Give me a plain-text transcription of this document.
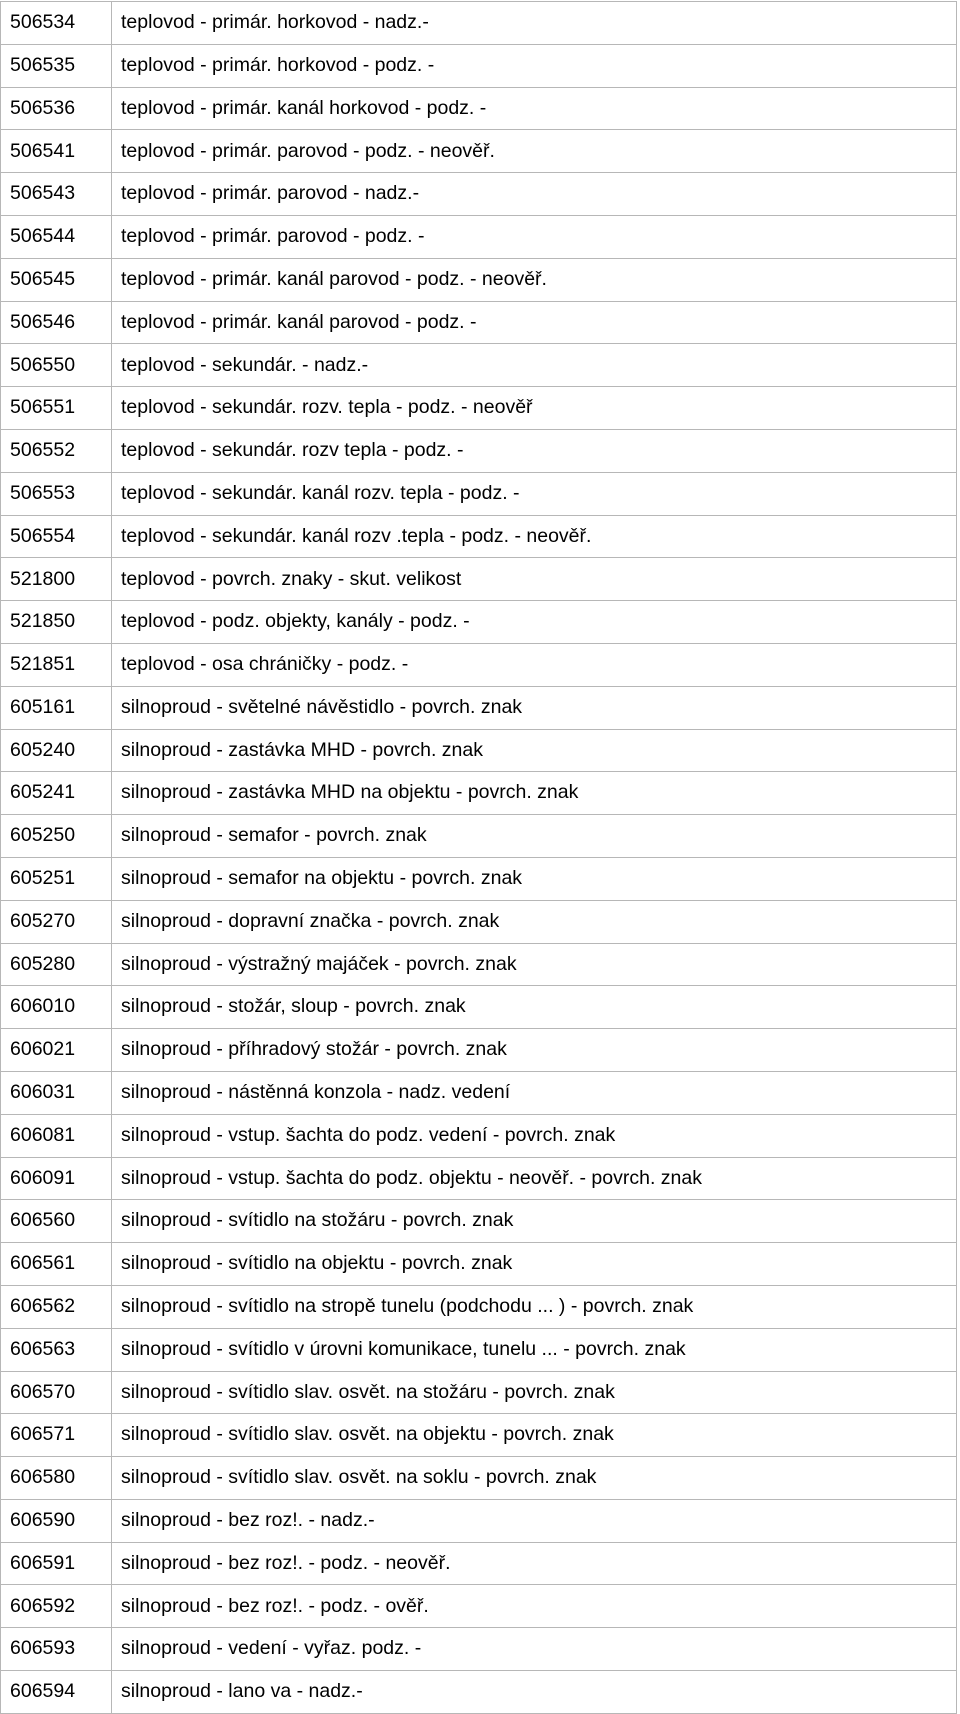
506534	teplovod - primár. horkovod - nadz.-
506535	teplovod - primár. horkovod - podz. -
506536	teplovod - primár. kanál horkovod - podz. -
506541	teplovod - primár. parovod - podz. - neověř.
506543	teplovod - primár. parovod - nadz.-
506544	teplovod - primár. parovod - podz. -
506545	teplovod - primár. kanál parovod - podz. - neověř.
506546	teplovod - primár. kanál parovod - podz. -
506550	teplovod - sekundár. - nadz.-
506551	teplovod - sekundár. rozv. tepla - podz. - neověř
506552	teplovod - sekundár. rozv tepla - podz. -
506553	teplovod - sekundár. kanál rozv. tepla - podz. -
506554	teplovod - sekundár. kanál rozv .tepla - podz. - neověř.
521800	teplovod - povrch. znaky - skut. velikost
521850	teplovod - podz. objekty, kanály - podz. -
521851	teplovod - osa chráničky - podz. -
605161	silnoproud - světelné návěstidlo - povrch. znak
605240	silnoproud - zastávka MHD - povrch. znak
605241	silnoproud - zastávka MHD na objektu - povrch. znak
605250	silnoproud - semafor - povrch. znak
605251	silnoproud - semafor na objektu - povrch. znak
605270	silnoproud - dopravní značka - povrch. znak
605280	silnoproud - výstražný majáček - povrch. znak
606010	silnoproud - stožár, sloup - povrch. znak
606021	silnoproud - příhradový stožár - povrch. znak
606031	silnoproud - nástěnná konzola - nadz. vedení
606081	silnoproud - vstup. šachta do podz. vedení - povrch. znak
606091	silnoproud - vstup. šachta do podz. objektu - neověř. - povrch. znak
606560	silnoproud - svítidlo na stožáru - povrch. znak
606561	silnoproud - svítidlo na objektu - povrch. znak
606562	silnoproud - svítidlo na stropě tunelu (podchodu ... ) - povrch. znak
606563	silnoproud - svítidlo v úrovni komunikace, tunelu ... - povrch. znak
606570	silnoproud - svítidlo slav. osvět. na stožáru - povrch. znak
606571	silnoproud - svítidlo slav. osvět. na objektu - povrch. znak
606580	silnoproud - svítidlo slav. osvět. na soklu - povrch. znak
606590	silnoproud - bez roz!. - nadz.-
606591	silnoproud - bez roz!. - podz. - neověř.
606592	silnoproud - bez roz!. - podz. - ověř.
606593	silnoproud - vedení - vyřaz. podz. -
606594	silnoproud - lano va - nadz.-
